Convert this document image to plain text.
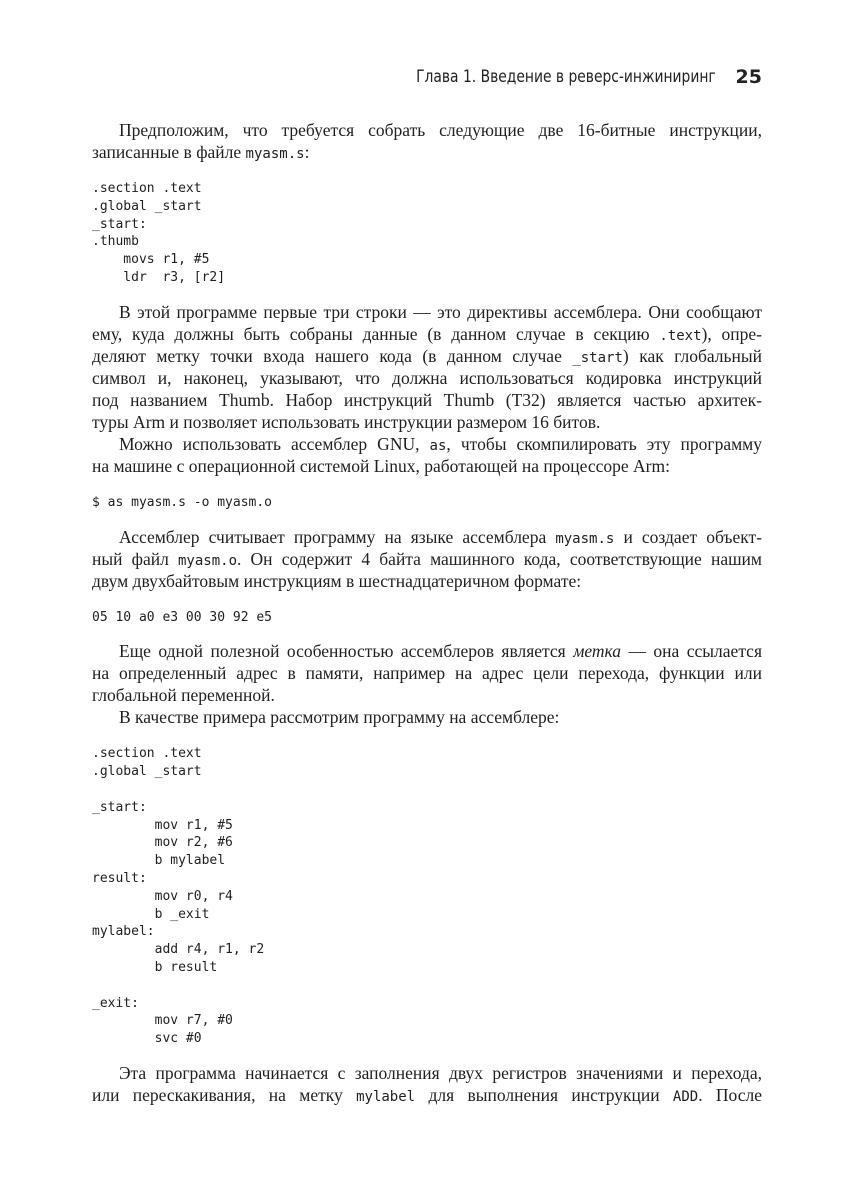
Глава 1. Введение в реверс-инжиниринг 25
Предположим, что требуется собрать следующие две 16-битные инструкции,
записанные в файле myasm.s:
.section .text
.global _start
_start:
.thumb
movs r1, #5
ldr  r3, [r2]
В этой программе первые три строки — это директивы ассемблера. Они сообщают
ему, куда должны быть собраны данные (в данном случае в секцию .text), опре-
деляют метку точки входа нашего кода (в данном случае _start) как глобальный
символ и, наконец, указывают, что должна использоваться кодировка инструкций
под названием Thumb. Набор инструкций Thumb (T32) является частью архитек-
туры Arm и позволяет использовать инструкции размером 16 битов.
Можно использовать ассемблер GNU, as, чтобы скомпилировать эту программу
на машине с операционной системой Linux, работающей на процессоре Arm:
$ as myasm.s -o myasm.o
Ассемблер считывает программу на языке ассемблера myasm.s и создает объект-
ный файл myasm.o. Он содержит 4 байта машинного кода, соответствующие нашим
двум двухбайтовым инструкциям в шестнадцатеричном формате:
05 10 a0 e3 00 30 92 e5
Еще одной полезной особенностью ассемблеров является метка — она ссылается
на определенный адрес в памяти, например на адрес цели перехода, функции или
глобальной переменной.
В качестве примера рассмотрим программу на ассемблере:
.section .text
.global _start
_start:
mov r1, #5
mov r2, #6
b mylabel
result:
mov r0, r4
b _exit
mylabel:
add r4, r1, r2
b result
_exit:
mov r7, #0
svc #0
Эта программа начинается с заполнения двух регистров значениями и перехода,
или перескакивания, на метку mylabel для выполнения инструкции ADD. После
